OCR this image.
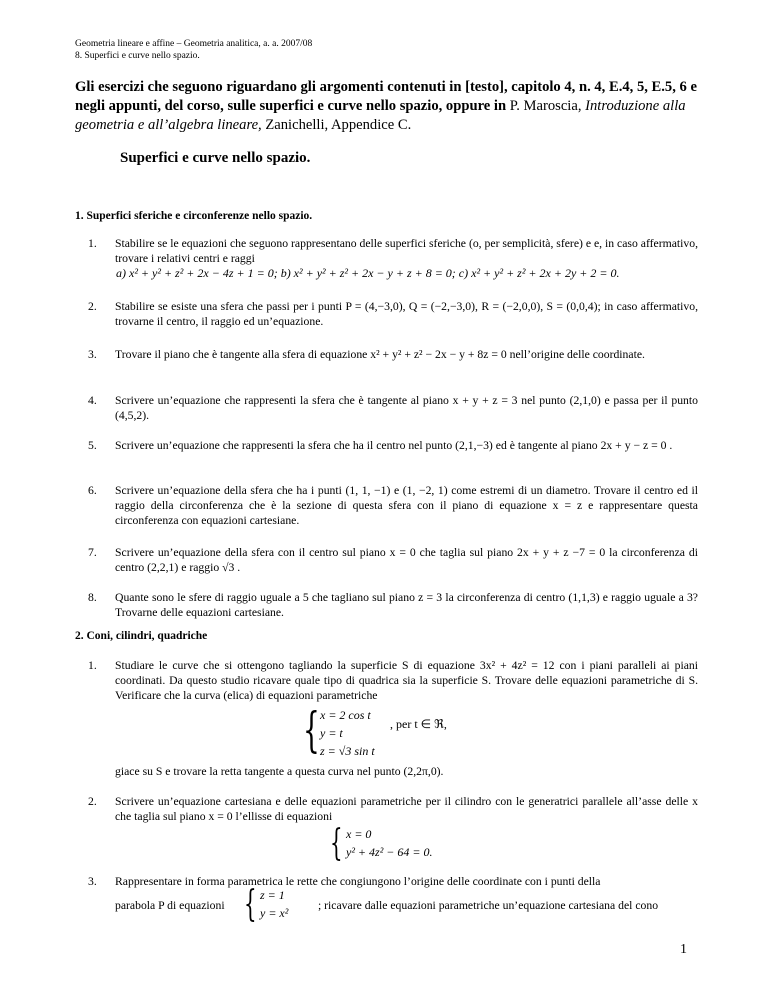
Geometria lineare e affine – Geometria analitica, a. a. 2007/08
8. Superfici e curve nello spazio.
Gli esercizi che seguono riguardano gli argomenti contenuti in [testo], capitolo 4, n. 4, E.4, 5, E.5, 6 e negli appunti, del corso, sulle superfici e curve nello spazio, oppure in P. Maroscia, Introduzione alla geometria e all’algebra lineare, Zanichelli, Appendice C.
Superfici e curve nello spazio.
1. Superfici sferiche e circonferenze nello spazio.
1. Stabilire se le equazioni che seguono rappresentano delle superfici sferiche (o, per semplicità, sfere) e e, in caso affermativo, trovare i relativi centri e raggi
a) x² + y² + z² + 2x − 4z + 1 = 0; b) x² + y² + z² + 2x − y + z + 8 = 0; c) x² + y² + z² + 2x + 2y + 2 = 0.
2. Stabilire se esiste una sfera che passi per i punti P = (4,−3,0), Q = (−2,−3,0), R = (−2,0,0), S = (0,0,4); in caso affermativo, trovarne il centro, il raggio ed un’equazione.
3. Trovare il piano che è tangente alla sfera di equazione x² + y² + z² − 2x − y + 8z = 0 nell’origine delle coordinate.
4. Scrivere un’equazione che rappresenti la sfera che è tangente al piano x + y + z = 3 nel punto (2,1,0) e passa per il punto (4,5,2).
5. Scrivere un’equazione che rappresenti la sfera che ha il centro nel punto (2,1,−3) ed è tangente al piano 2x + y − z = 0 .
6. Scrivere un’equazione della sfera che ha i punti (1, 1, −1) e (1, −2, 1) come estremi di un diametro. Trovare il centro ed il raggio della circonferenza che è la sezione di questa sfera con il piano di equazione x = z e rappresentare questa circonferenza con equazioni cartesiane.
7. Scrivere un’equazione della sfera con il centro sul piano x = 0 che taglia sul piano 2x + y + z −7 = 0 la circonferenza di centro (2,2,1) e raggio √3 .
8. Quante sono le sfere di raggio uguale a 5 che tagliano sul piano z = 3 la circonferenza di centro (1,1,3) e raggio uguale a 3? Trovarne delle equazioni cartesiane.
2. Coni, cilindri, quadriche
1. Studiare le curve che si ottengono tagliando la superficie S di equazione 3x² + 4z² = 12 con i piani paralleli ai piani coordinati. Da questo studio ricavare quale tipo di quadrica sia la superficie S. Trovare delle equazioni parametriche di S. Verificare che la curva (elica) di equazioni parametriche
{ x = 2 cos t
y = t
z = √3 sin t
, per t ∈ ℜ,
giace su S e trovare la retta tangente a questa curva nel punto (2,2π,0).
2. Scrivere un’equazione cartesiana e delle equazioni parametriche per il cilindro con le generatrici parallele all’asse delle x che taglia sul piano x = 0 l’ellisse di equazioni
{ x = 0
y² + 4z² − 64 = 0.
3. Rappresentare in forma parametrica le rette che congiungono l’origine delle coordinate con i punti della
parabola P di equazioni { z = 1
y = x²
; ricavare dalle equazioni parametriche un’equazione cartesiana del cono
1
